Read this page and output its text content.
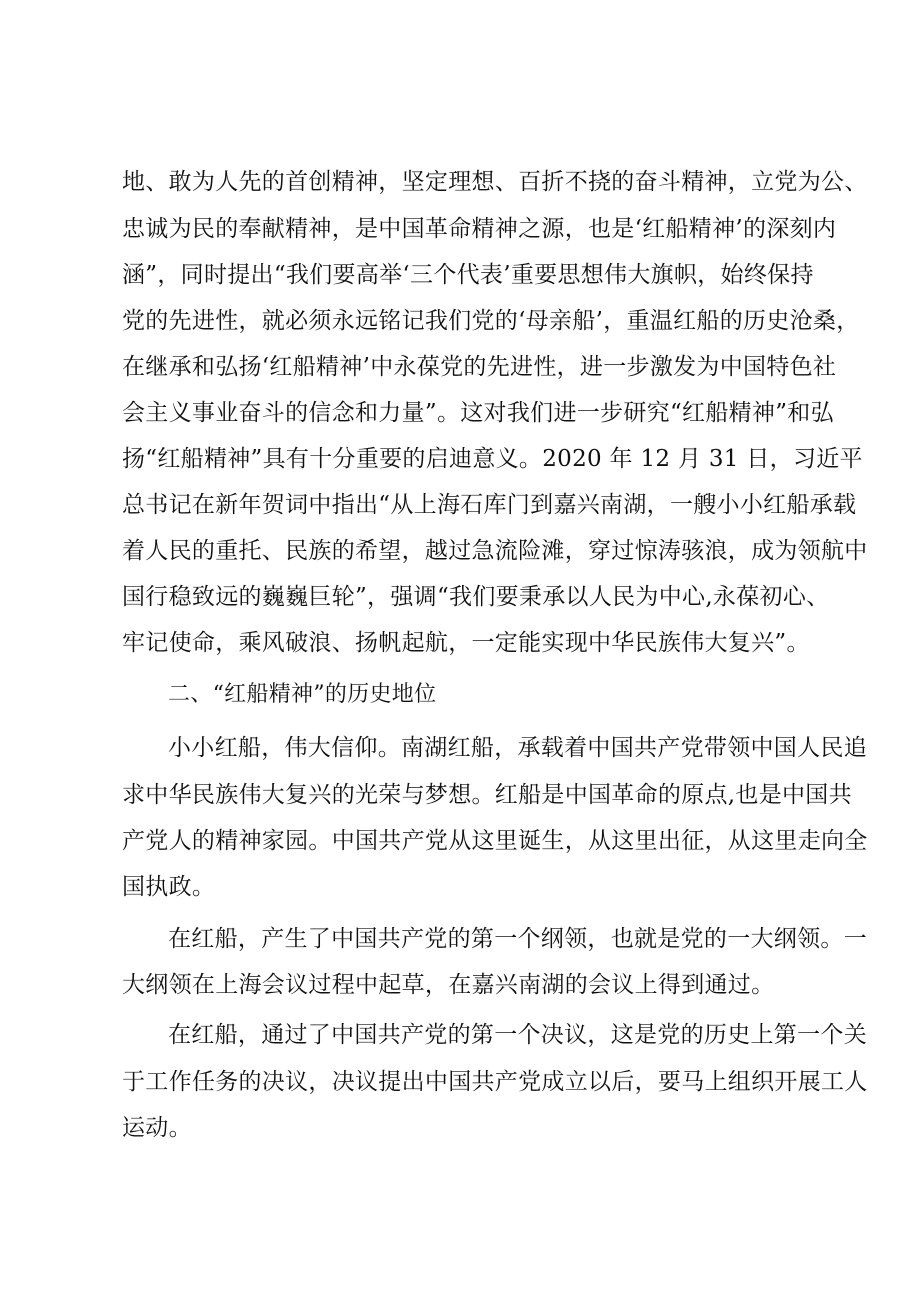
地、敢为人先的首创精神，坚定理想、百折不挠的奋斗精神，立党为公、
忠诚为民的奉献精神，是中国革命精神之源，也是‘红船精神’的深刻内
涵”，同时提出“我们要高举‘三个代表’重要思想伟大旗帜，始终保持
党的先进性，就必须永远铭记我们党的‘母亲船’，重温红船的历史沧桑，
在继承和弘扬‘红船精神’中永葆党的先进性，进一步激发为中国特色社
会主义事业奋斗的信念和力量”。这对我们进一步研究“红船精神”和弘
扬“红船精神”具有十分重要的启迪意义。2020 年 12 月 31 日，习近平
总书记在新年贺词中指出“从上海石库门到嘉兴南湖，一艘小小红船承载
着人民的重托、民族的希望，越过急流险滩，穿过惊涛骇浪，成为领航中
国行稳致远的巍巍巨轮”，强调“我们要秉承以人民为中心,永葆初心、
牢记使命，乘风破浪、扬帆起航，一定能实现中华民族伟大复兴”。
二、“红船精神”的历史地位
小小红船，伟大信仰。南湖红船，承载着中国共产党带领中国人民追
求中华民族伟大复兴的光荣与梦想。红船是中国革命的原点,也是中国共
产党人的精神家园。中国共产党从这里诞生，从这里出征，从这里走向全
国执政。
在红船，产生了中国共产党的第一个纲领，也就是党的一大纲领。一
大纲领在上海会议过程中起草，在嘉兴南湖的会议上得到通过。
在红船，通过了中国共产党的第一个决议，这是党的历史上第一个关
于工作任务的决议，决议提出中国共产党成立以后，要马上组织开展工人
运动。
